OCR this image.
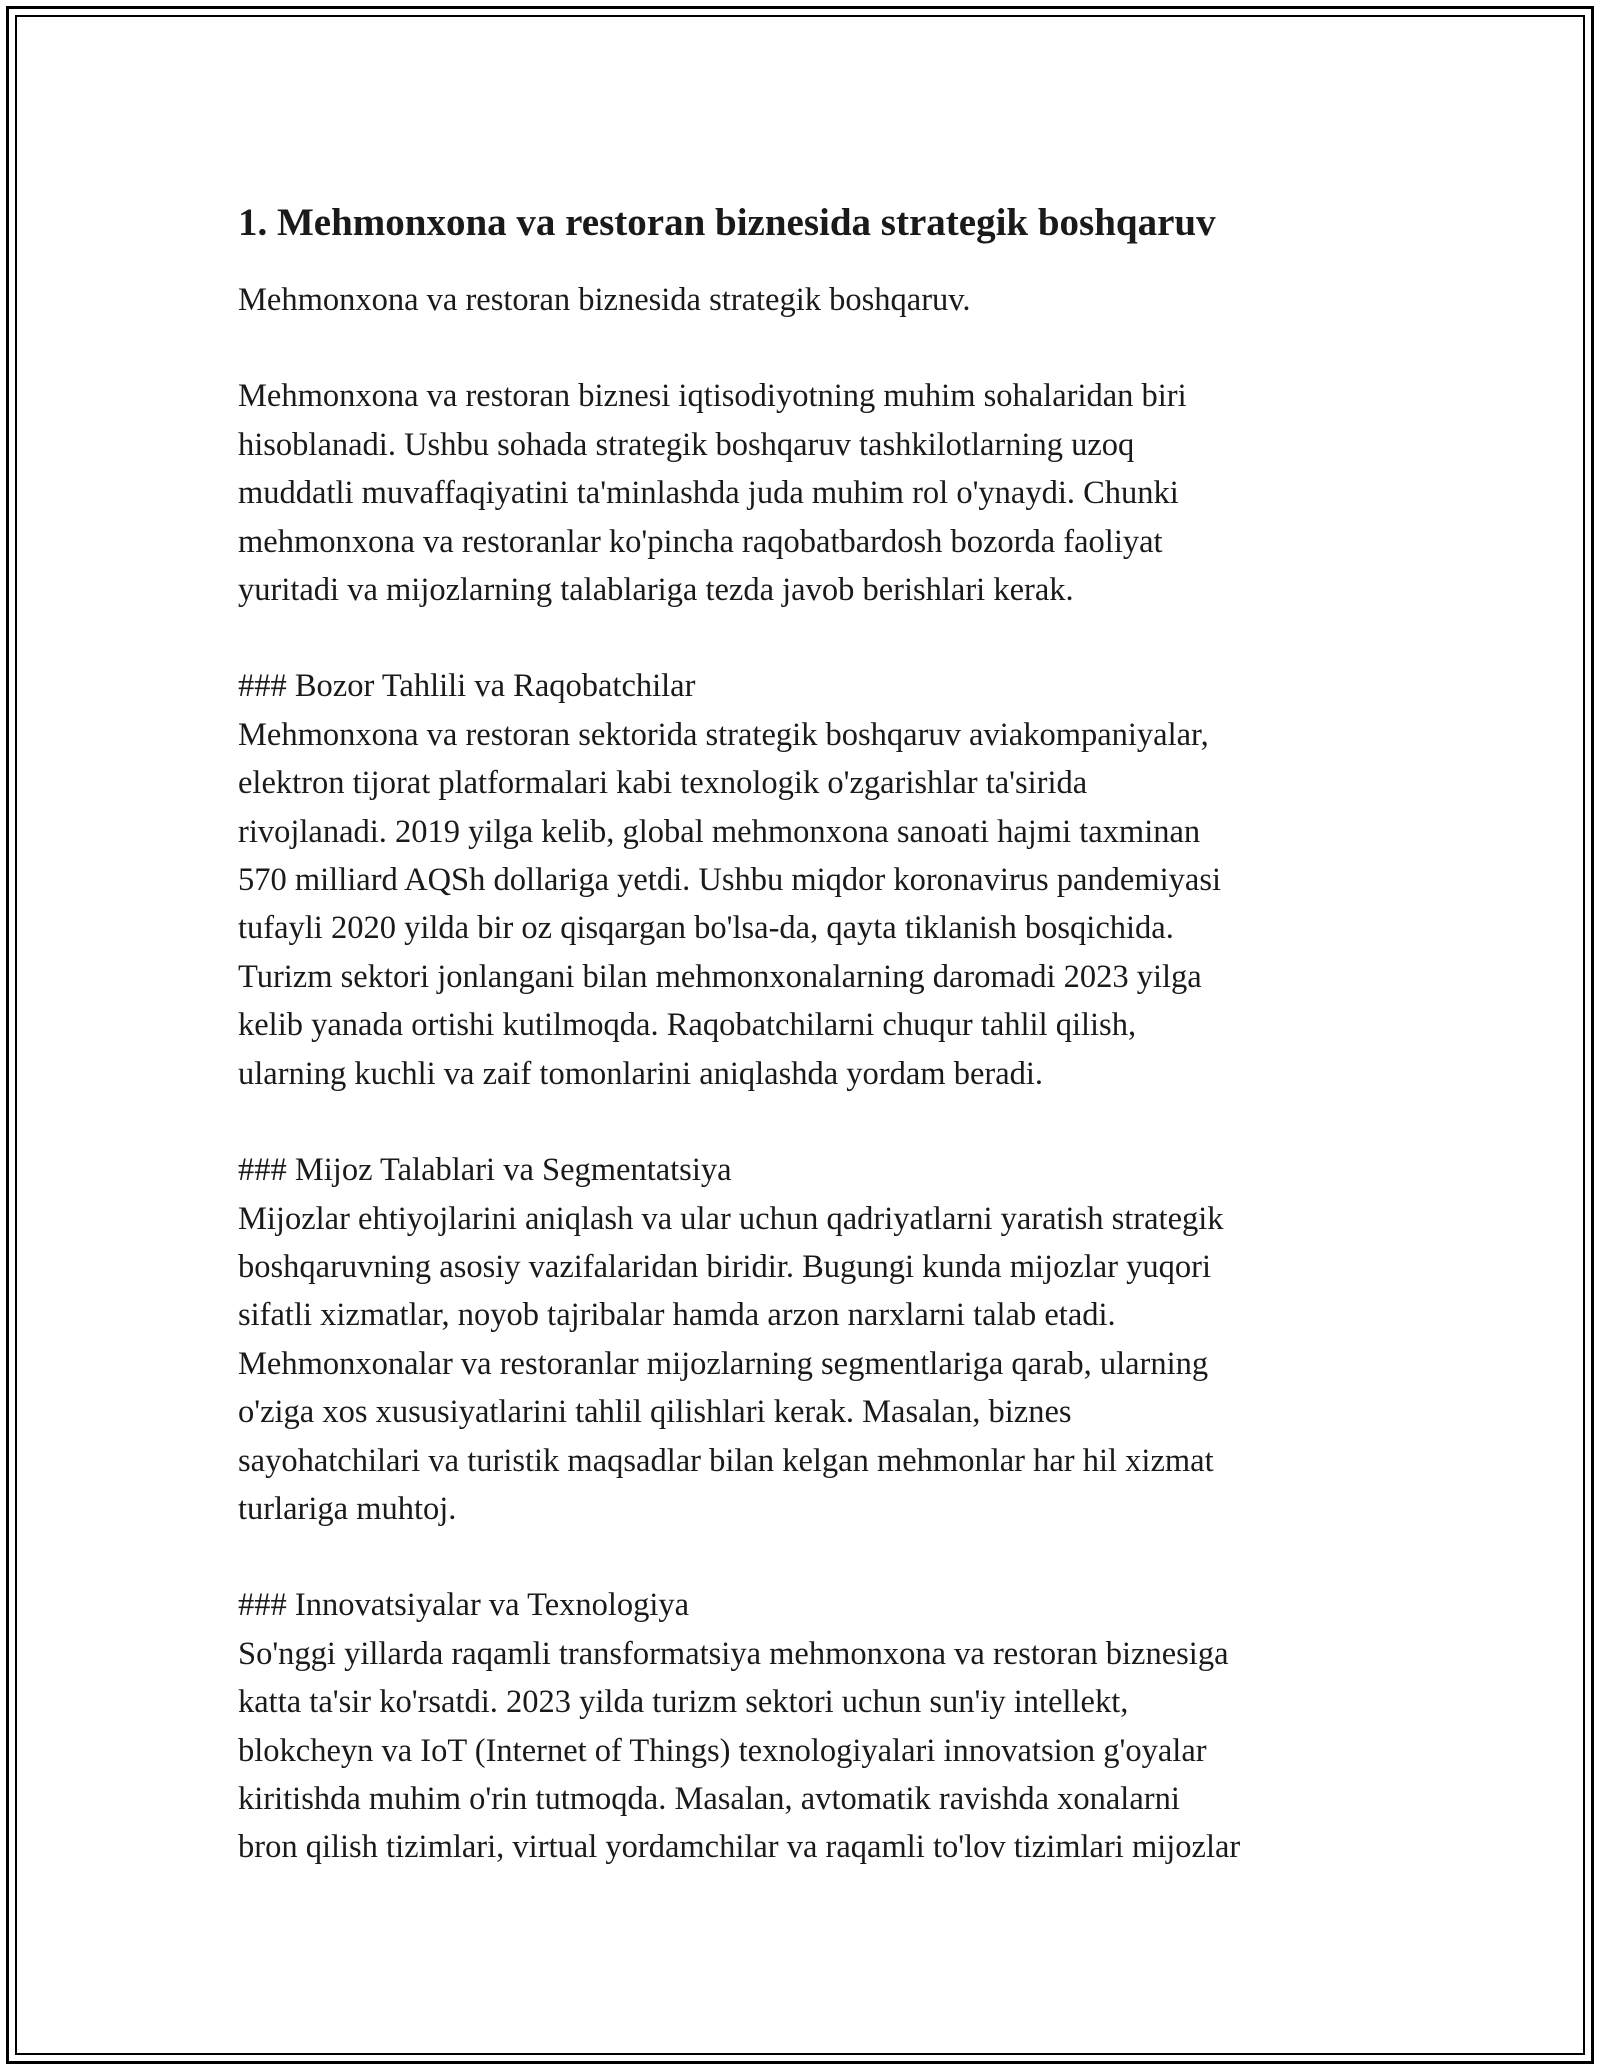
1. Mehmonxona va restoran biznesida strategik boshqaruv

Mehmonxona va restoran biznesida strategik boshqaruv.

Mehmonxona va restoran biznesi iqtisodiyotning muhim sohalaridan biri
hisoblanadi. Ushbu sohada strategik boshqaruv tashkilotlarning uzoq
muddatli muvaffaqiyatini ta'minlashda juda muhim rol o'ynaydi. Chunki
mehmonxona va restoranlar ko'pincha raqobatbardosh bozorda faoliyat
yuritadi va mijozlarning talablariga tezda javob berishlari kerak.

### Bozor Tahlili va Raqobatchilar

Mehmonxona va restoran sektorida strategik boshqaruv aviakompaniyalar,
elektron tijorat platformalari kabi texnologik o'zgarishlar ta'sirida
rivojlanadi. 2019 yilga kelib, global mehmonxona sanoati hajmi taxminan
570 milliard AQSh dollariga yetdi. Ushbu miqdor koronavirus pandemiyasi
tufayli 2020 yilda bir oz qisqargan bo'lsa-da, qayta tiklanish bosqichida.
Turizm sektori jonlangani bilan mehmonxonalarning daromadi 2023 yilga
kelib yanada ortishi kutilmoqda. Raqobatchilarni chuqur tahlil qilish,
ularning kuchli va zaif tomonlarini aniqlashda yordam beradi.

### Mijoz Talablari va Segmentatsiya

Mijozlar ehtiyojlarini aniqlash va ular uchun qadriyatlarni yaratish strategik
boshqaruvning asosiy vazifalaridan biridir. Bugungi kunda mijozlar yuqori
sifatli xizmatlar, noyob tajribalar hamda arzon narxlarni talab etadi.
Mehmonxonalar va restoranlar mijozlarning segmentlariga qarab, ularning
o'ziga xos xususiyatlarini tahlil qilishlari kerak. Masalan, biznes
sayohatchilari va turistik maqsadlar bilan kelgan mehmonlar har hil xizmat
turlariga muhtoj.

### Innovatsiyalar va Texnologiya

So'nggi yillarda raqamli transformatsiya mehmonxona va restoran biznesiga
katta ta'sir ko'rsatdi. 2023 yilda turizm sektori uchun sun'iy intellekt,
blokcheyn va IoT (Internet of Things) texnologiyalari innovatsion g'oyalar
kiritishda muhim o'rin tutmoqda. Masalan, avtomatik ravishda xonalarni
bron qilish tizimlari, virtual yordamchilar va raqamli to'lov tizimlari mijozlar
